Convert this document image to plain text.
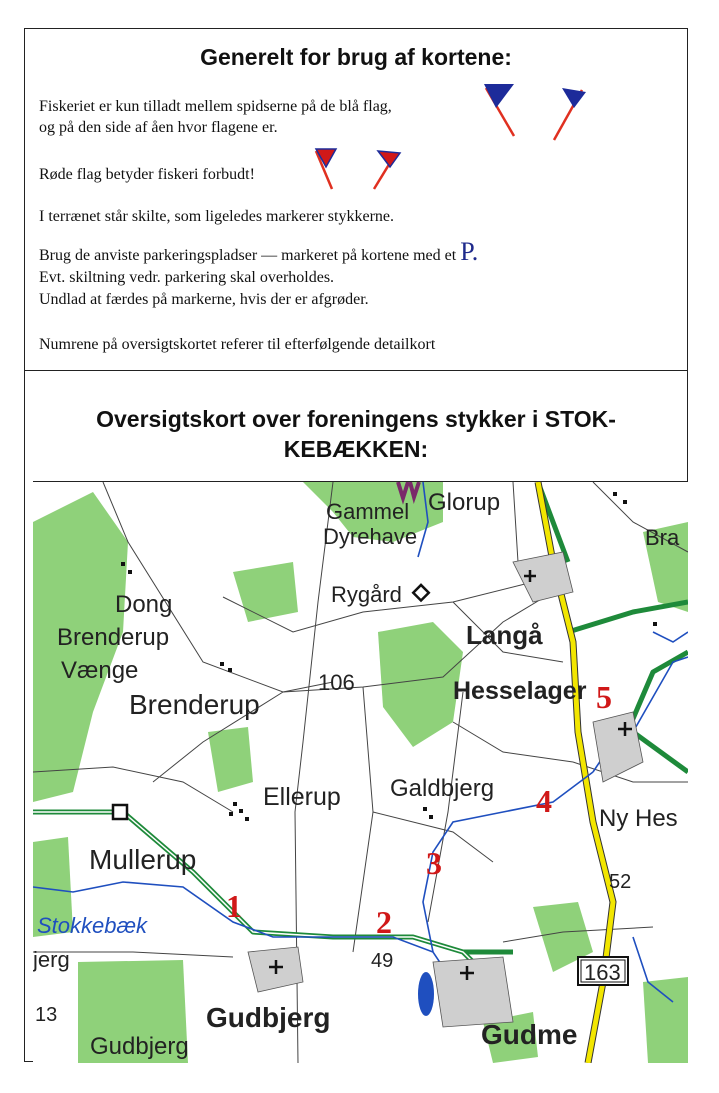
Generelt for brug af kortene:
Fiskeriet er kun tilladt mellem spidserne på de blå flag,
og på den side af åen hvor flagene er.
Røde flag betyder fiskeri forbudt!
I terrænet står skilte, som ligeledes markerer stykkerne.
Brug de anviste parkeringspladser — markeret på kortene med et P.
Evt. skiltning vedr. parkering skal overholdes.
Undlad at færdes på markerne, hvis der er afgrøder.
Numrene på oversigtskortet referer til efterfølgende detailkort
Oversigtskort over foreningens stykker i STOK-
KEBÆKKEN:
Gammel
Dyrehave
Glorup
Bra
Rygård
Dong
Brenderup
Vænge
Brenderup
106
Langå
Hesselager
Ellerup Galdbjerg
Ny Hes
52
Mullerup
Stokkebæk
jerg	49
13
Gudbjerg
Gudbjerg
Gudme
163
1	2
3
4
5
